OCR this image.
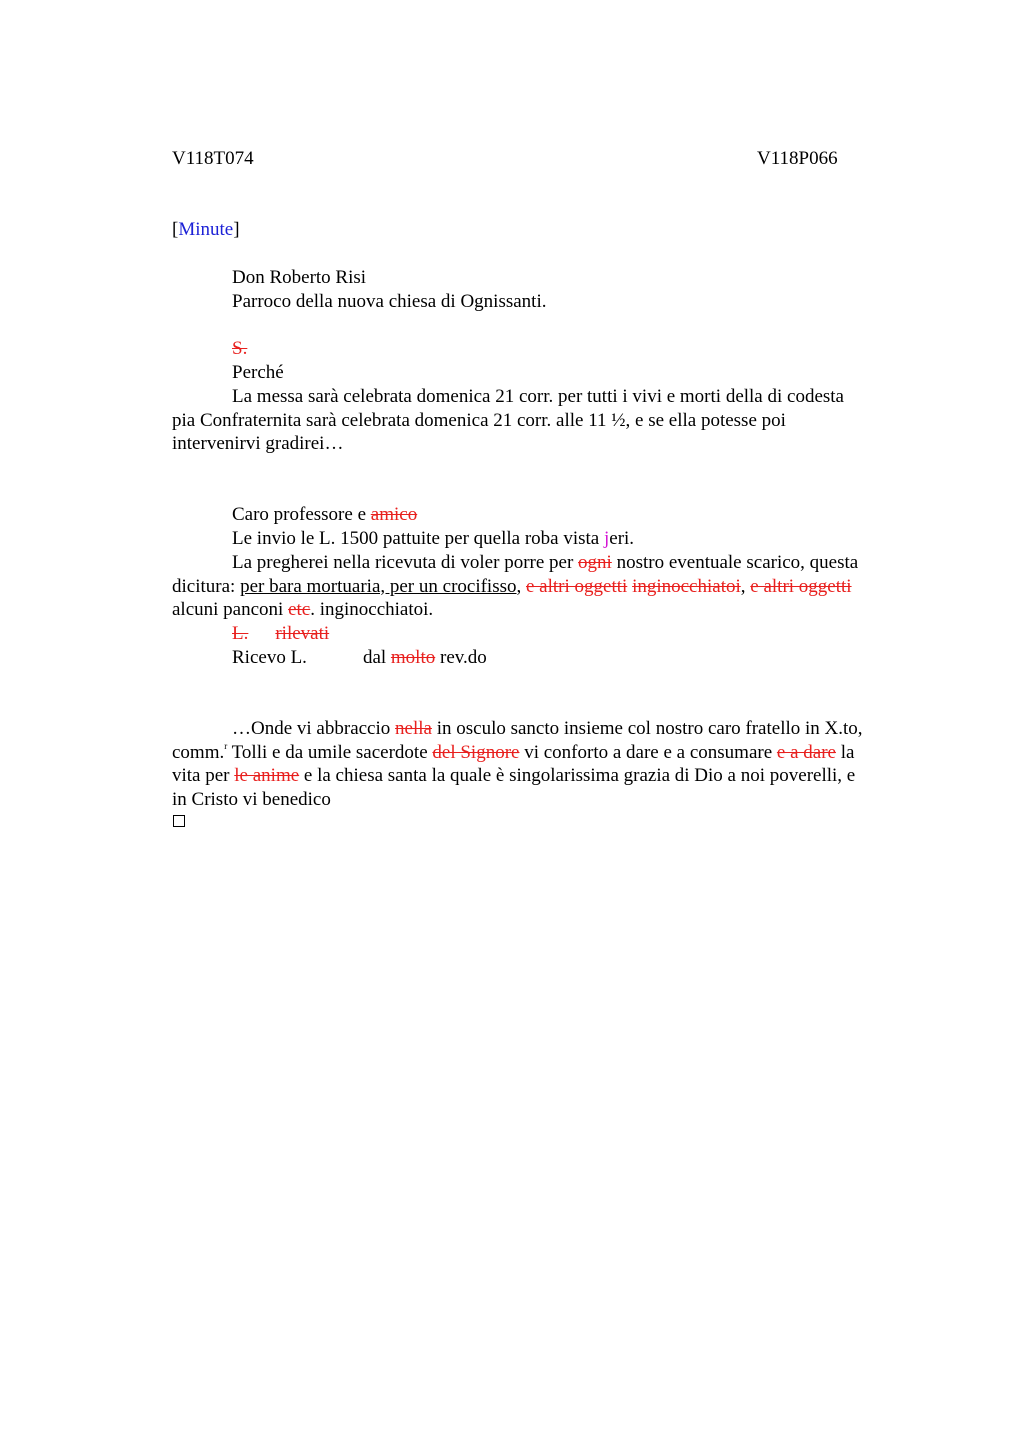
V118T074	V118P066
[Minute]
Don Roberto Risi
Parroco della nuova chiesa di Ognissanti.
S.
Perché
La messa sarà celebrata domenica 21 corr. per tutti i vivi e morti della di codesta
pia Confraternita sarà celebrata domenica 21 corr. alle 11 ½, e se ella potesse poi
intervenirvi gradirei…
Caro professore e amico
Le invio le L. 1500 pattuite per quella roba vista jeri.
La pregherei nella ricevuta di voler porre per ogni nostro eventuale scarico, questa
dicitura: per bara mortuaria, per un crocifisso, e altri oggetti inginocchiatoi, e altri oggetti
alcuni panconi etc. inginocchiatoi.
L. rilevati
Ricevo L.	dal molto rev.do
…Onde vi abbraccio nella in osculo sancto insieme col nostro caro fratello in X.to,
comm.$^r$ Tolli e da umile sacerdote del Signore vi conforto a dare e a consumare e a dare la
vita per le anime e la chiesa santa la quale è singolarissima grazia di Dio a noi poverelli, e
in Cristo vi benedico
